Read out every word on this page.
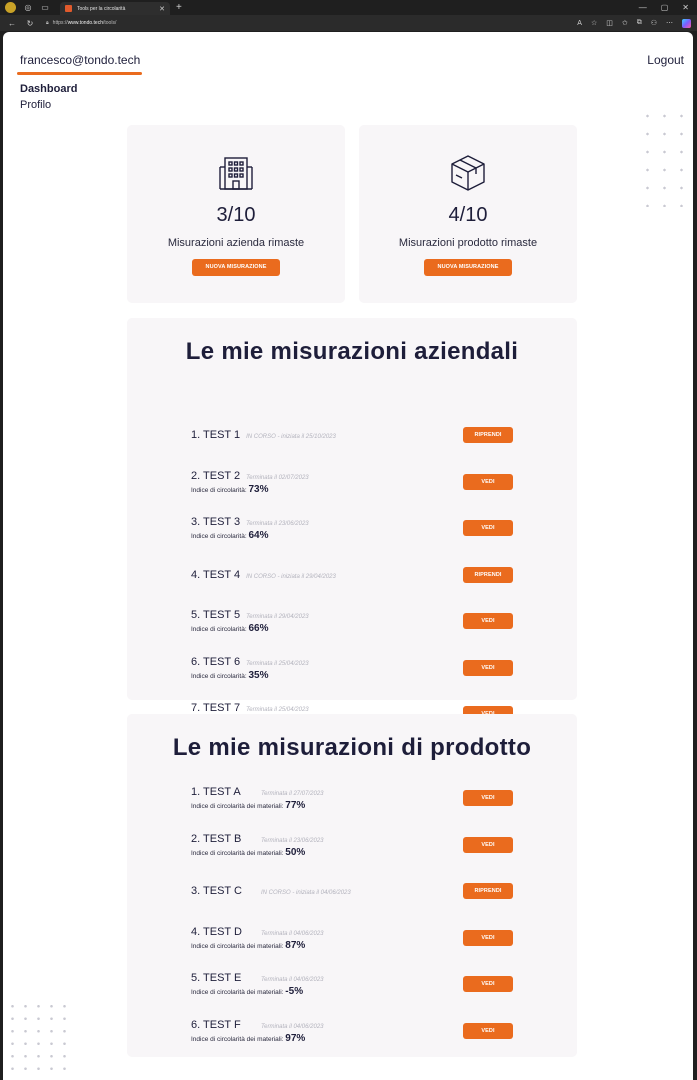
◎ ▭	Tools per la circolarità	✕ +	— ▢ ✕
←	↻	🔒︎ https://www.tondo.tech/tools/	A ☆ ◫ ✩ ⧉ ⚇ ⋯
francesco@tondo.tech	Logout
Dashboard
Profilo
3/10
Misurazioni azienda rimaste
NUOVA MISURAZIONE
4/10
Misurazioni prodotto rimaste
NUOVA MISURAZIONE
Le mie misurazioni aziendali
1. TEST 1 IN CORSO - iniziata il 25/10/2023	RIPRENDI
2. TEST 2 Terminata il 02/07/2023
Indice di circolarità: 73%
VEDI
3. TEST 3 Terminata il 23/06/2023
Indice di circolarità: 64%
VEDI
4. TEST 4 IN CORSO - iniziata il 29/04/2023	RIPRENDI
5. TEST 5 Terminata il 29/04/2023
Indice di circolarità: 66%
VEDI
6. TEST 6 Terminata il 25/04/2023
Indice di circolarità: 35%
VEDI
7. TEST 7 Terminata il 25/04/2023
Le mie misurazioni di prodotto
1. TEST A	Terminata il 27/07/2023
Indice di circolarità dei materiali: 77%
VEDI
2. TEST B	Terminata il 23/06/2023
Indice di circolarità dei materiali: 50%
VEDI
3. TEST C	IN CORSO - iniziata il 04/06/2023	RIPRENDI
4. TEST D	Terminata il 04/06/2023
Indice di circolarità dei materiali: 87%
VEDI
5. TEST E	Terminata il 04/06/2023
Indice di circolarità dei materiali: -5%
VEDI
6. TEST F	Terminata il 04/06/2023
Indice di circolarità dei materiali: 97%
VEDI
